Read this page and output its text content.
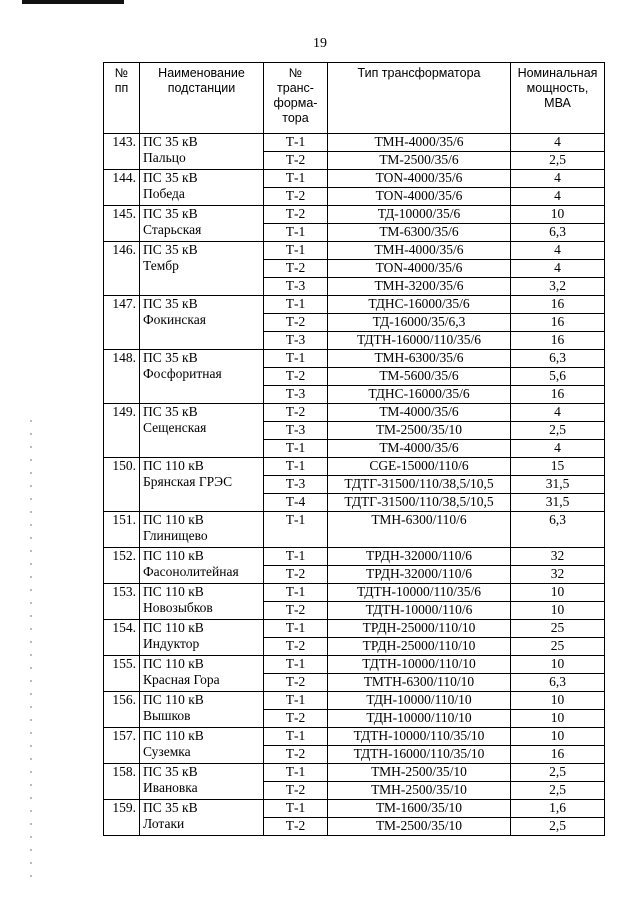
19
№
пп	Наименование
подстанции	№
транс-
форма-
тора	Тип трансформатора	Номинальная
мощность,
МВА
143.	ПС 35 кВ
Пальцо	Т-1	ТМН-4000/35/6	4
		Т-2	ТМ-2500/35/6	2,5
144.	ПС 35 кВ
Победа	Т-1	ТОN-4000/35/6	4
		Т-2	ТОN-4000/35/6	4
145.	ПС 35 кВ
Старьская	Т-2	ТД-10000/35/6	10
		Т-1	ТМ-6300/35/6	6,3
146.	ПС 35 кВ
Тембр	Т-1	ТМН-4000/35/6	4
		Т-2	ТОN-4000/35/6	4
		Т-3	ТМН-3200/35/6	3,2
147.	ПС 35 кВ
Фокинская	Т-1	ТДНС-16000/35/6	16
		Т-2	ТД-16000/35/6,3	16
		Т-3	ТДТН-16000/110/35/6	16
148.	ПС 35 кВ
Фосфоритная	Т-1	ТМН-6300/35/6	6,3
		Т-2	ТМ-5600/35/6	5,6
		Т-3	ТДНС-16000/35/6	16
149.	ПС 35 кВ
Сещенская	Т-2	ТМ-4000/35/6	4
		Т-3	ТМ-2500/35/10	2,5
		Т-1	ТМ-4000/35/6	4
150.	ПС 110 кВ
Брянская ГРЭС	Т-1	CGE-15000/110/6	15
		Т-3	ТДТГ-31500/110/38,5/10,5	31,5
		Т-4	ТДТГ-31500/110/38,5/10,5	31,5
151.	ПС 110 кВ
Глинищево	Т-1	ТМН-6300/110/6	6,3
152.	ПС 110 кВ
Фасонолитейная	Т-1	ТРДН-32000/110/6	32
		Т-2	ТРДН-32000/110/6	32
153.	ПС 110 кВ
Новозыбков	Т-1	ТДТН-10000/110/35/6	10
		Т-2	ТДТН-10000/110/6	10
154.	ПС 110 кВ
Индуктор	Т-1	ТРДН-25000/110/10	25
		Т-2	ТРДН-25000/110/10	25
155.	ПС 110 кВ
Красная Гора	Т-1	ТДТН-10000/110/10	10
		Т-2	ТМТН-6300/110/10	6,3
156.	ПС 110 кВ
Вышков	Т-1	ТДН-10000/110/10	10
		Т-2	ТДН-10000/110/10	10
157.	ПС 110 кВ
Суземка	Т-1	ТДТН-10000/110/35/10	10
		Т-2	ТДТН-16000/110/35/10	16
158.	ПС 35 кВ
Ивановка	Т-1	ТМН-2500/35/10	2,5
		Т-2	ТМН-2500/35/10	2,5
159.	ПС 35 кВ
Лотаки	Т-1	ТМ-1600/35/10	1,6
		Т-2	ТМ-2500/35/10	2,5
